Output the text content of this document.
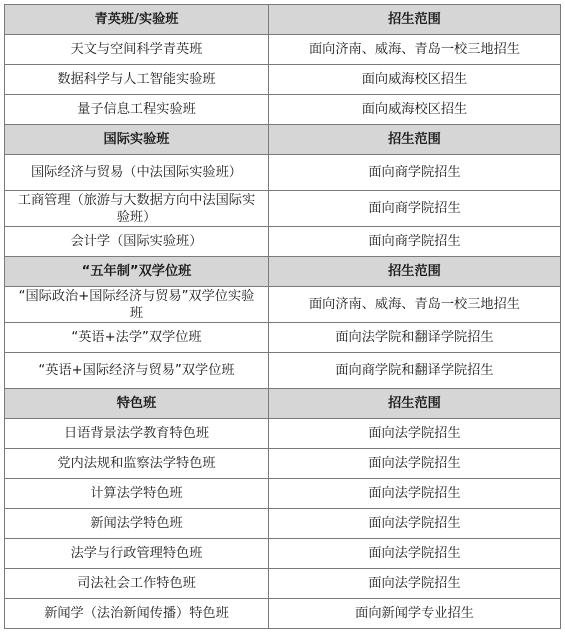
青英班/实验班	招生范围
天文与空间科学青英班	面向济南、威海、青岛一校三地招生
数据科学与人工智能实验班	面向威海校区招生
量子信息工程实验班	面向威海校区招生
国际实验班	招生范围
国际经济与贸易（中法国际实验班）	面向商学院招生
工商管理（旅游与大数据方向中法国际实验班）	面向商学院招生
会计学（国际实验班）	面向商学院招生
“五年制”双学位班	招生范围
“国际政治+国际经济与贸易”双学位实验班	面向济南、威海、青岛一校三地招生
“英语+法学”双学位班	面向法学院和翻译学院招生
“英语+国际经济与贸易”双学位班	面向商学院和翻译学院招生
特色班	招生范围
日语背景法学教育特色班	面向法学院招生
党内法规和监察法学特色班	面向法学院招生
计算法学特色班	面向法学院招生
新闻法学特色班	面向法学院招生
法学与行政管理特色班	面向法学院招生
司法社会工作特色班	面向法学院招生
新闻学（法治新闻传播）特色班	面向新闻学专业招生
